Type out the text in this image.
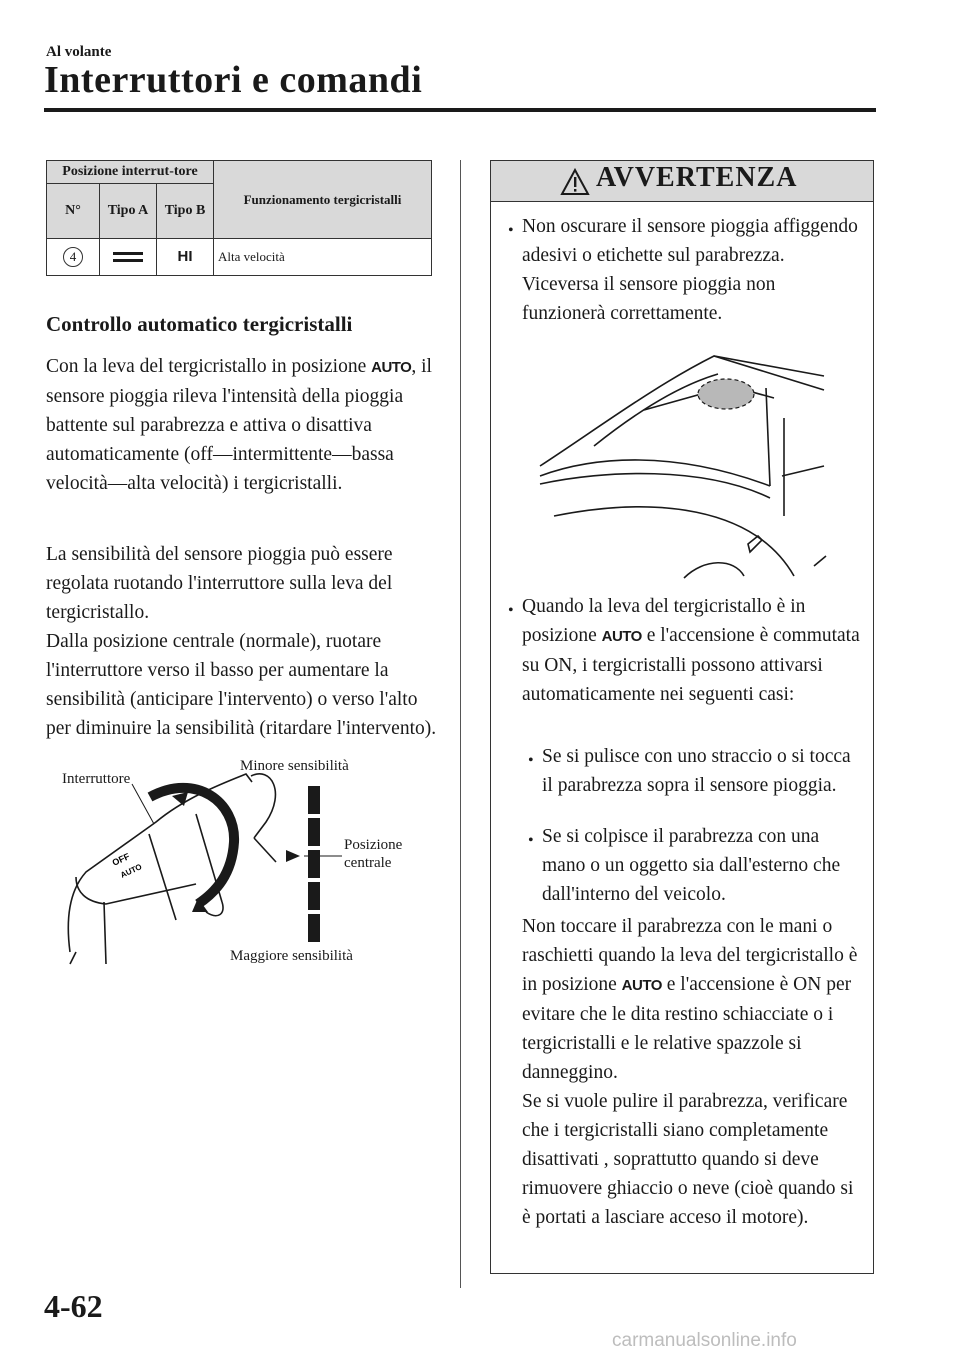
Al volante
Interruttori e comandi
Posizione interrut-tore			Funzionamento tergicristalli
N°	Tipo A	Tipo B	
4		HI	Alta velocità
Controllo automatico tergicristalli
Con la leva del tergicristallo in posizione AUTO, il sensore pioggia rileva l'intensità della pioggia battente sul parabrezza e attiva o disattiva automaticamente (off—intermittente—bassa velocità—alta velocità) i tergicristalli.
La sensibilità del sensore pioggia può essere regolata ruotando l'interruttore sulla leva del tergicristallo.
Dalla posizione centrale (normale), ruotare l'interruttore verso il basso per aumentare la sensibilità (anticipare l'intervento) o verso l'alto per diminuire la sensibilità (ritardare l'intervento).
OFF
AUTO
Interruttore
Minore sensibilità
Posizione centrale
Maggiore sensibilità
AVVERTENZA
• Non oscurare il sensore pioggia affiggendo adesivi o etichette sul parabrezza. Viceversa il sensore pioggia non funzionerà correttamente.
• Quando la leva del tergicristallo è in posizione AUTO e l'accensione è commutata su ON, i tergicristalli possono attivarsi automaticamente nei seguenti casi:
• Se si pulisce con uno straccio o si tocca il parabrezza sopra il sensore pioggia.
• Se si colpisce il parabrezza con una mano o un oggetto sia dall'esterno che dall'interno del veicolo.
Non toccare il parabrezza con le mani o raschietti quando la leva del tergicristallo è in posizione AUTO e l'accensione è ON per evitare che le dita restino schiacciate o i tergicristalli e le relative spazzole si danneggino.
Se si vuole pulire il parabrezza, verificare che i tergicristalli siano completamente disattivati , soprattutto quando si deve rimuovere ghiaccio o neve (cioè quando si è portati a lasciare acceso il motore).
4-62
carmanualsonline.info
